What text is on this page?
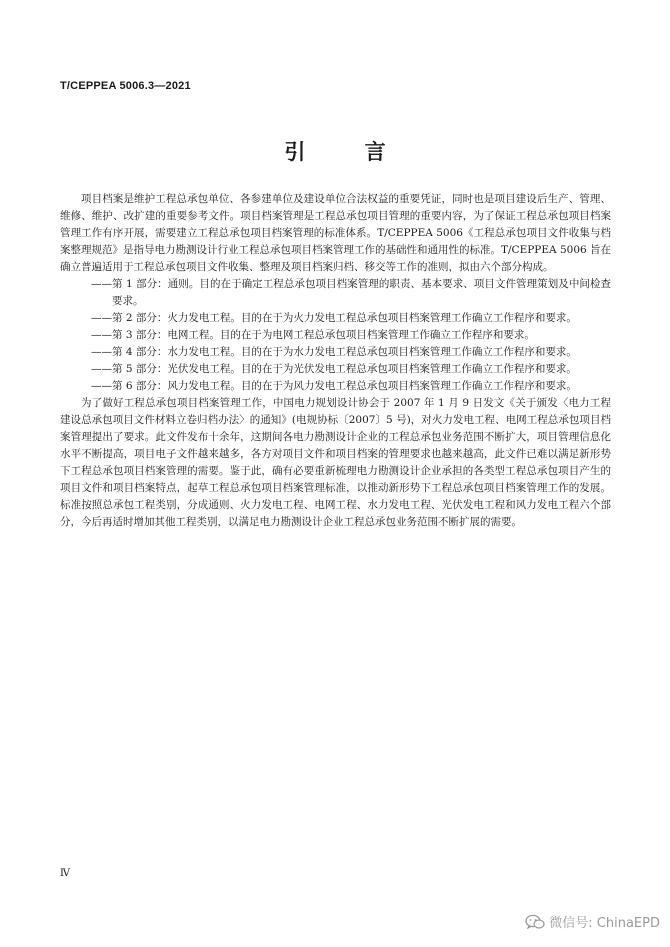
T/CEPPEA 5006.3—2021
引 言

项目档案是维护工程总承包单位、各参建单位及建设单位合法权益的重要凭证，同时也是项目建设后生产、管理、维修、维护、改扩建的重要参考文件。项目档案管理是工程总承包项目管理的重要内容，为了保证工程总承包项目档案管理工作有序开展，需要建立工程总承包项目档案管理的标准体系。T/CEPPEA 5006《工程总承包项目文件收集与档案整理规范》是指导电力勘测设计行业工程总承包项目档案管理工作的基础性和通用性的标准。T/CEPPEA 5006 旨在确立普遍适用于工程总承包项目文件收集、整理及项目档案归档、移交等工作的准则，拟由六个部分构成。

——第 1 部分：通则。目的在于确定工程总承包项目档案管理的职责、基本要求、项目文件管理策划及中间检查要求。
——第 2 部分：火力发电工程。目的在于为火力发电工程总承包项目档案管理工作确立工作程序和要求。
——第 3 部分：电网工程。目的在于为电网工程总承包项目档案管理工作确立工作程序和要求。
——第 4 部分：水力发电工程。目的在于为水力发电工程总承包项目档案管理工作确立工作程序和要求。
——第 5 部分：光伏发电工程。目的在于为光伏发电工程总承包项目档案管理工作确立工作程序和要求。
——第 6 部分：风力发电工程。目的在于为风力发电工程总承包项目档案管理工作确立工作程序和要求。

为了做好工程总承包项目档案管理工作，中国电力规划设计协会于 2007 年 1 月 9 日发文《关于颁发〈电力工程建设总承包项目文件材料立卷归档办法〉的通知》(电规协标〔2007〕5 号)，对火力发电工程、电网工程总承包项目档案管理提出了要求。此文件发布十余年，这期间各电力勘测设计企业的工程总承包业务范围不断扩大，项目管理信息化水平不断提高，项目电子文件越来越多，各方对项目文件和项目档案的管理要求也越来越高，此文件已难以满足新形势下工程总承包项目档案管理的需要。鉴于此，确有必要重新梳理电力勘测设计企业承担的各类型工程总承包项目产生的项目文件和项目档案特点，起草工程总承包项目档案管理标准，以推动新形势下工程总承包项目档案管理工作的发展。标准按照总承包工程类别，分成通则、火力发电工程、电网工程、水力发电工程、光伏发电工程和风力发电工程六个部分，今后再适时增加其他工程类别，以满足电力勘测设计企业工程总承包业务范围不断扩展的需要。

Ⅳ
微信号: ChinaEPD
